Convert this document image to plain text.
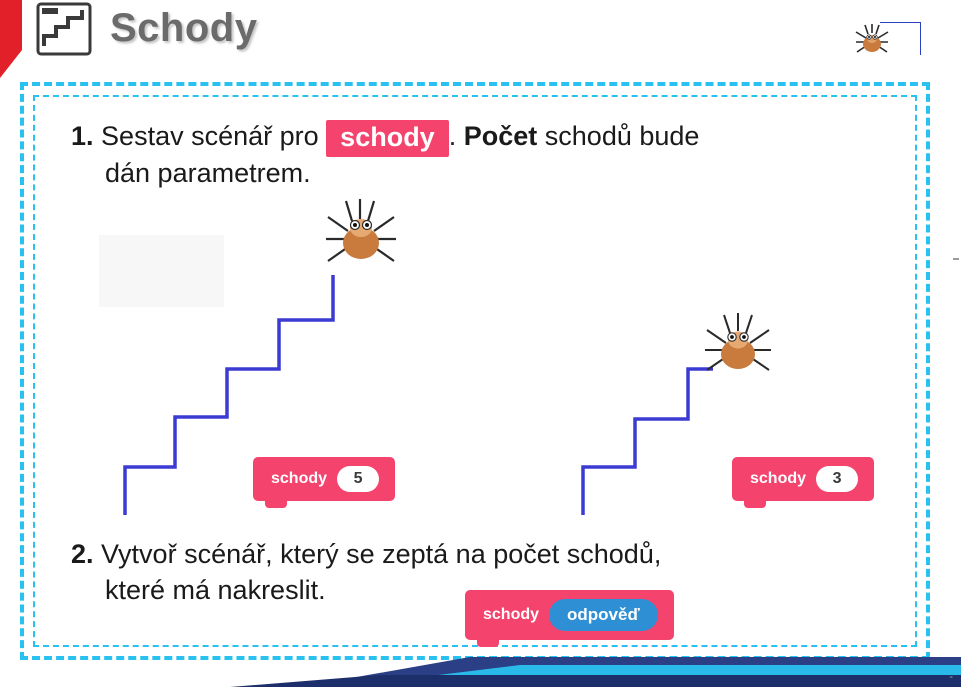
Schody
1. Sestav scénář pro schody . Počet schodů bude
dán parametrem.
schody	5	schody	3
2. Vytvoř scénář, který se zeptá na počet schodů,
které má nakreslit.
schody	odpověď
-
